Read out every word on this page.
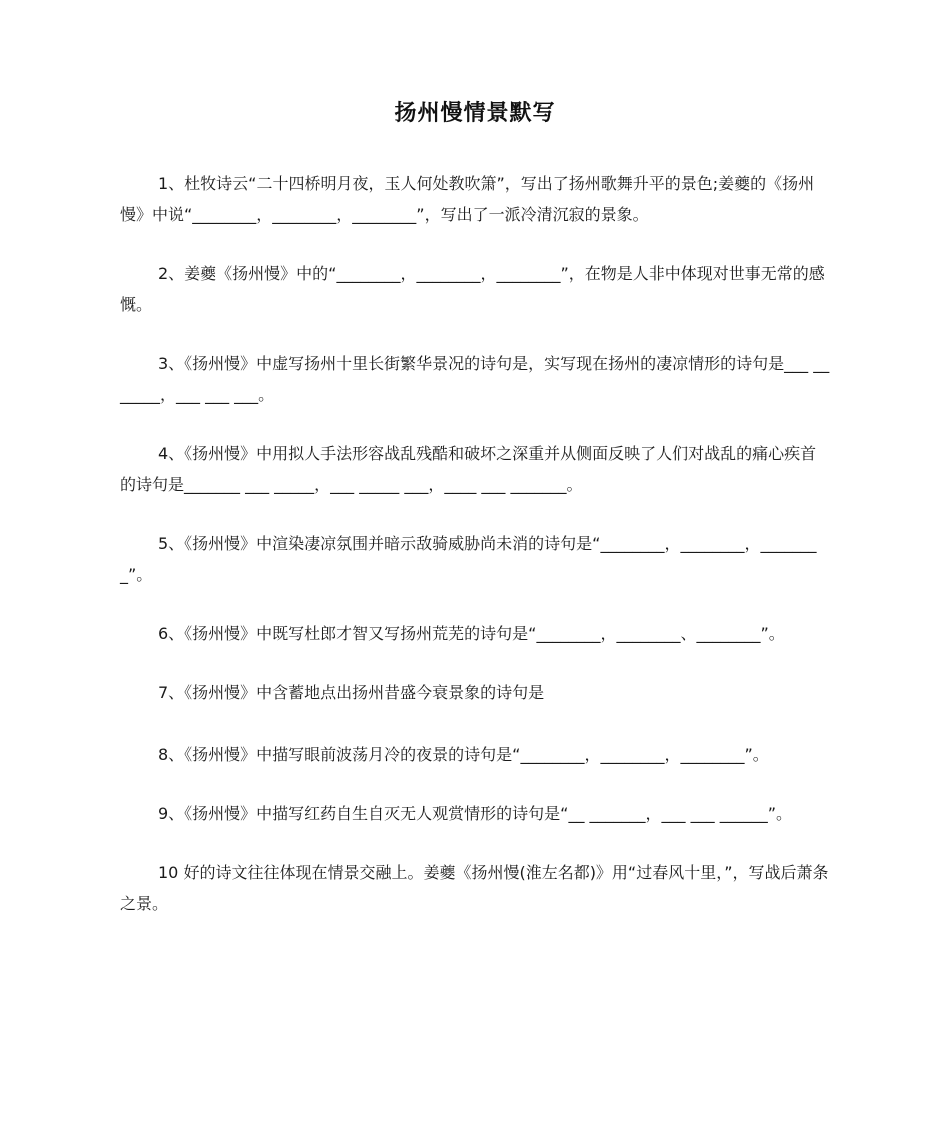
扬州慢情景默写

1、杜牧诗云“二十四桥明月夜，玉人何处教吹箫”，写出了扬州歌舞升平的景色;姜夔的《扬州慢》中说“________，________，________”，写出了一派冷清沉寂的景象。

2、姜夔《扬州慢》中的“________，________，________”，在物是人非中体现对世事无常的感慨。

3、《扬州慢》中虚写扬州十里长街繁华景况的诗句是，实写现在扬州的凄凉情形的诗句是___ _______，___ ___ ___。

4、《扬州慢》中用拟人手法形容战乱残酷和破坏之深重并从侧面反映了人们对战乱的痛心疾首的诗句是_______ ___ _____，___ _____ ___，____ ___ _______。

5、《扬州慢》中渲染凄凉氛围并暗示敌骑威胁尚未消的诗句是“________，________，________”。

6、《扬州慢》中既写杜郎才智又写扬州荒芜的诗句是“________，________、________”。

7、《扬州慢》中含蓄地点出扬州昔盛今衰景象的诗句是

8、《扬州慢》中描写眼前波荡月冷的夜景的诗句是“________，________，________”。

9、《扬州慢》中描写红药自生自灭无人观赏情形的诗句是“__ _______，___ ___ ______”。

10 好的诗文往往体现在情景交融上。姜夔《扬州慢(淮左名都)》用“过春风十里，”，写战后萧条之景。
